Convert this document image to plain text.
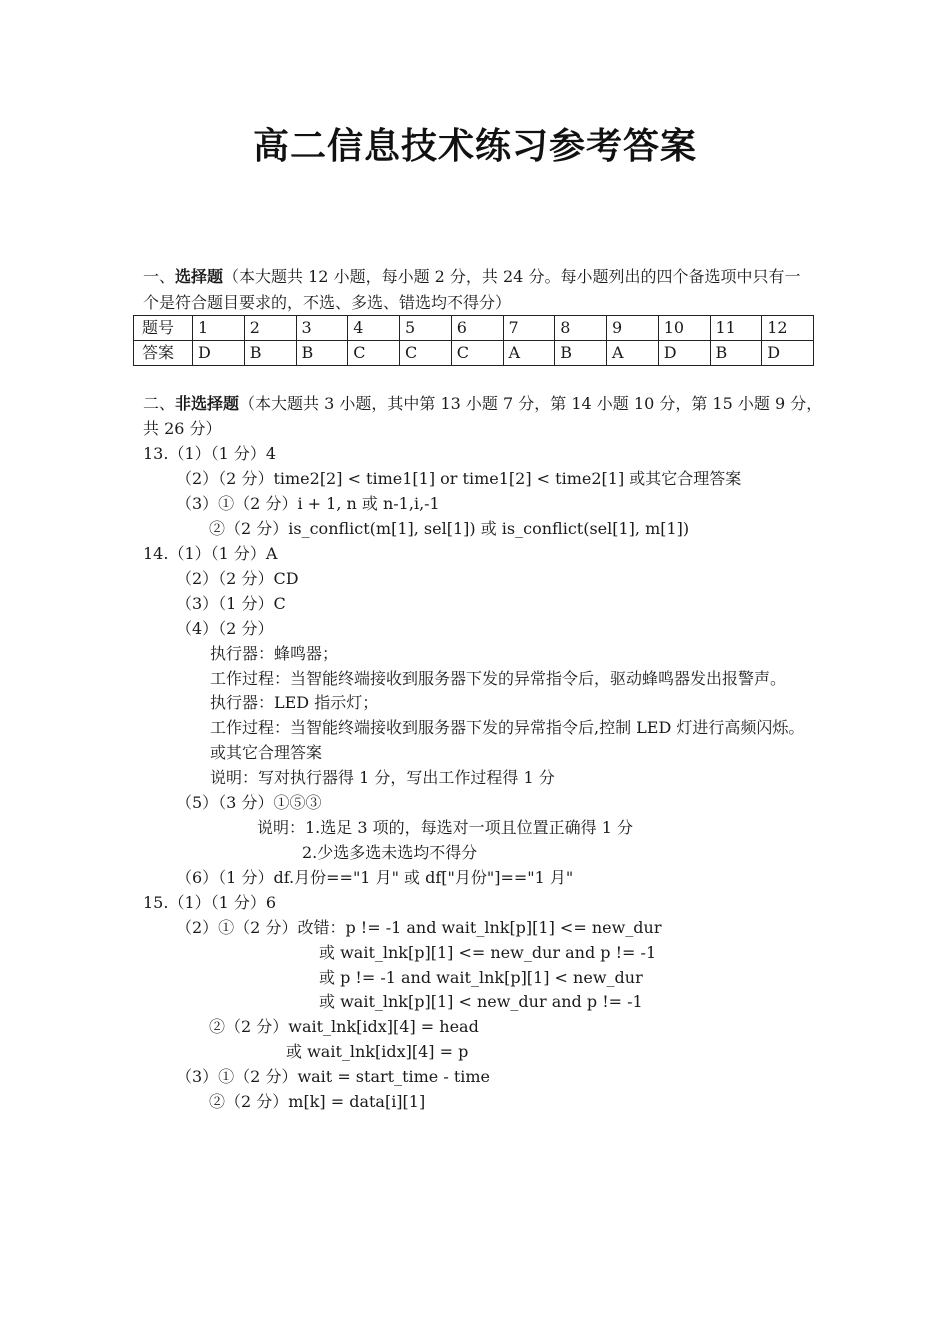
高二信息技术练习参考答案
一、选择题（本大题共 12 小题，每小题 2 分，共 24 分。每小题列出的四个备选项中只有一
个是符合题目要求的，不选、多选、错选均不得分）
题号	1	2	3	4	5	6	7	8	9	10	11	12
答案	D	B	B	C	C	C	A	B	A	D	B	D
二、非选择题（本大题共 3 小题，其中第 13 小题 7 分，第 14 小题 10 分，第 15 小题 9 分，
共 26 分）
13.（1）（1 分）4
（2）（2 分）time2[2] < time1[1] or time1[2] < time2[1] 或其它合理答案
（3）①（2 分）i + 1, n 或 n-1,i,-1
②（2 分）is_conflict(m[1], sel[1]) 或 is_conflict(sel[1], m[1])
14.（1）（1 分）A
（2）（2 分）CD
（3）（1 分）C
（4）（2 分）
执行器：蜂鸣器；
工作过程：当智能终端接收到服务器下发的异常指令后，驱动蜂鸣器发出报警声。
执行器：LED 指示灯；
工作过程：当智能终端接收到服务器下发的异常指令后,控制 LED 灯进行高频闪烁。
或其它合理答案
说明：写对执行器得 1 分，写出工作过程得 1 分
（5）（3 分）①⑤③
说明：1.选足 3 项的，每选对一项且位置正确得 1 分
2.少选多选未选均不得分
（6）（1 分）df.月份=="1 月" 或 df["月份"]=="1 月"
15.（1）（1 分）6
（2）①（2 分）改错：p != -1 and wait_lnk[p][1] <= new_dur
或 wait_lnk[p][1] <= new_dur and p != -1
或 p != -1 and wait_lnk[p][1] < new_dur
或 wait_lnk[p][1] < new_dur and p != -1
②（2 分）wait_lnk[idx][4] = head
或 wait_lnk[idx][4] = p
（3）①（2 分）wait = start_time - time
②（2 分）m[k] = data[i][1]
